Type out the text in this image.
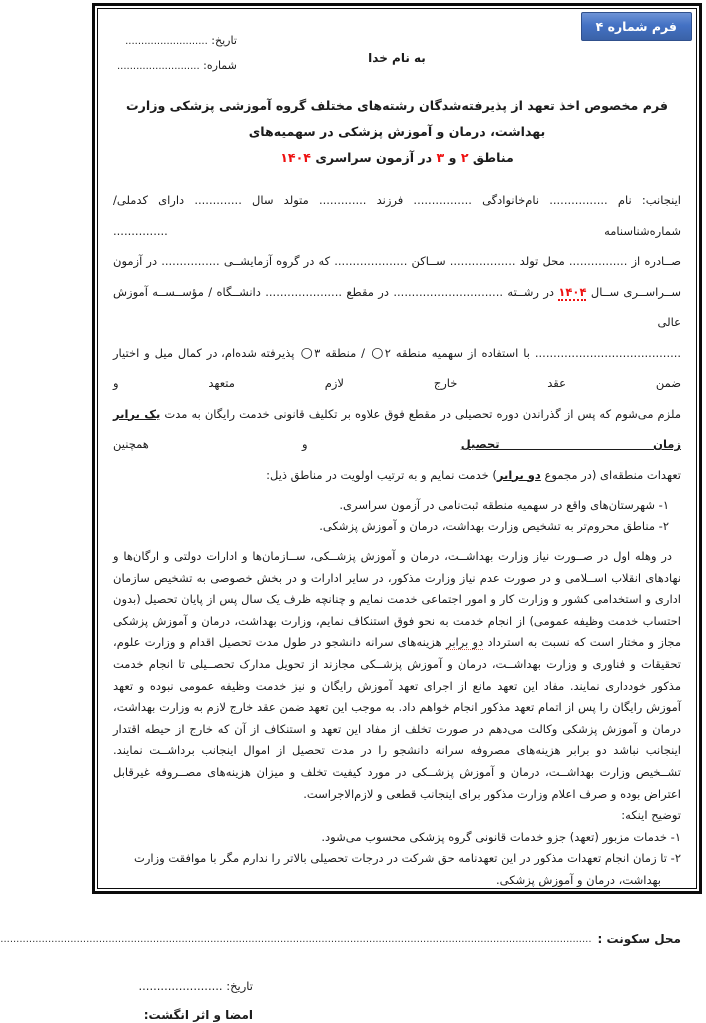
فرم شماره ۴
تاریخ: ..........................
شماره: ..........................
به نام خدا
فرم مخصوص اخذ تعهد از پذیرفته‌شدگان رشته‌های مختلف گروه آموزشی پزشکی وزارت بهداشت، درمان و آموزش پزشکی در سهمیه‌های
مناطق ۲ و ۳ در آزمون سراسری ۱۴۰۴
اینجانب: نام ................ نام‌خانوادگی ................ فرزند ............. متولد سال ............. دارای کدملی/شماره‌شناسنامه ...............
صــادره از ................ محل تولد .................. ســاکن .................... که در گروه آزمایشــی ................ در آزمون
ســراســری ســال ۱۴۰۴ در رشــته .............................. در مقطع ..................... دانشــگاه / مؤســســه آموزش عالی
........................................ با استفاده از سهمیه منطقه ۲○ / منطقه ۳○ پذیرفته شده‌ام، در کمال میل و اختیار ضمن عقد خارج لازم متعهد و
ملزم می‌شوم که پس از گذراندن دوره تحصیلی در مقطع فوق علاوه بر تکلیف قانونی خدمت رایگان به مدت یک برابر زمان تحصیل و همچنین
تعهدات منطقه‌ای (در مجموع دو برابر) خدمت نمایم و به ترتیب اولویت در مناطق ذیل:
۱- شهرستان‌های واقع در سهمیه منطقه ثبت‌نامی در آزمون سراسری.
۲- مناطق محروم‌تر به تشخیص وزارت بهداشت، درمان و آموزش پزشکی.
در وهله اول در صــورت نیاز وزارت بهداشــت، درمان و آموزش پزشــکی، ســازمان‌ها و ادارات دولتی و ارگان‌ها و نهادهای انقلاب اســلامی و در صورت عدم نیاز وزارت مذکور، در سایر ادارات و در بخش خصوصی به تشخیص سازمان اداری و استخدامی کشور و وزارت کار و امور اجتماعی خدمت نمایم و چنانچه ظرف یک سال پس از پایان تحصیل (بدون احتساب خدمت وظیفه عمومی) از انجام خدمت به نحو فوق استنکاف نمایم، وزارت بهداشت، درمان و آموزش پزشکی مجاز و مختار است که نسبت به استرداد دو برابر هزینه‌های سرانه دانشجو در طول مدت تحصیل اقدام و وزارت علوم، تحقیقات و فناوری و وزارت بهداشــت، درمان و آموزش پزشــکی مجازند از تحویل مدارک تحصــیلی تا انجام خدمت مذکور خودداری نمایند. مفاد این تعهد مانع از اجرای تعهد آموزش رایگان و نیز خدمت وظیفه عمومی نبوده و تعهد آموزش رایگان را پس از اتمام تعهد مذکور انجام خواهم داد. به موجب این تعهد ضمن عقد خارج لازم به وزارت بهداشت، درمان و آموزش پزشکی وکالت می‌دهم در صورت تخلف از مفاد این تعهد و استنکاف از آن که خارج از حیطه اقتدار اینجانب نباشد دو برابر هزینه‌های مصروفه سرانه دانشجو را در مدت تحصیل از اموال اینجانب برداشــت نمایند. تشــخیص وزارت بهداشــت، درمان و آموزش پزشــکی در مورد کیفیت تخلف و میزان هزینه‌های مصــروفه غیرقابل اعتراض بوده و صرف اعلام وزارت مذکور برای اینجانب قطعی و لازم‌الاجراست.
توضیح اینکه:
۱- خدمات مزبور (تعهد) جزو خدمات قانونی گروه پزشکی محسوب می‌شود.
۲- تا زمان انجام تعهدات مذکور در این تعهدنامه حق شرکت در درجات تحصیلی بالاتر را ندارم مگر با موافقت وزارت بهداشت، درمان و آموزش پزشکی.
محل سکونت :
..........................................................................................................................................................................................
تاریخ: .......................
امضا و اثر انگشت:
